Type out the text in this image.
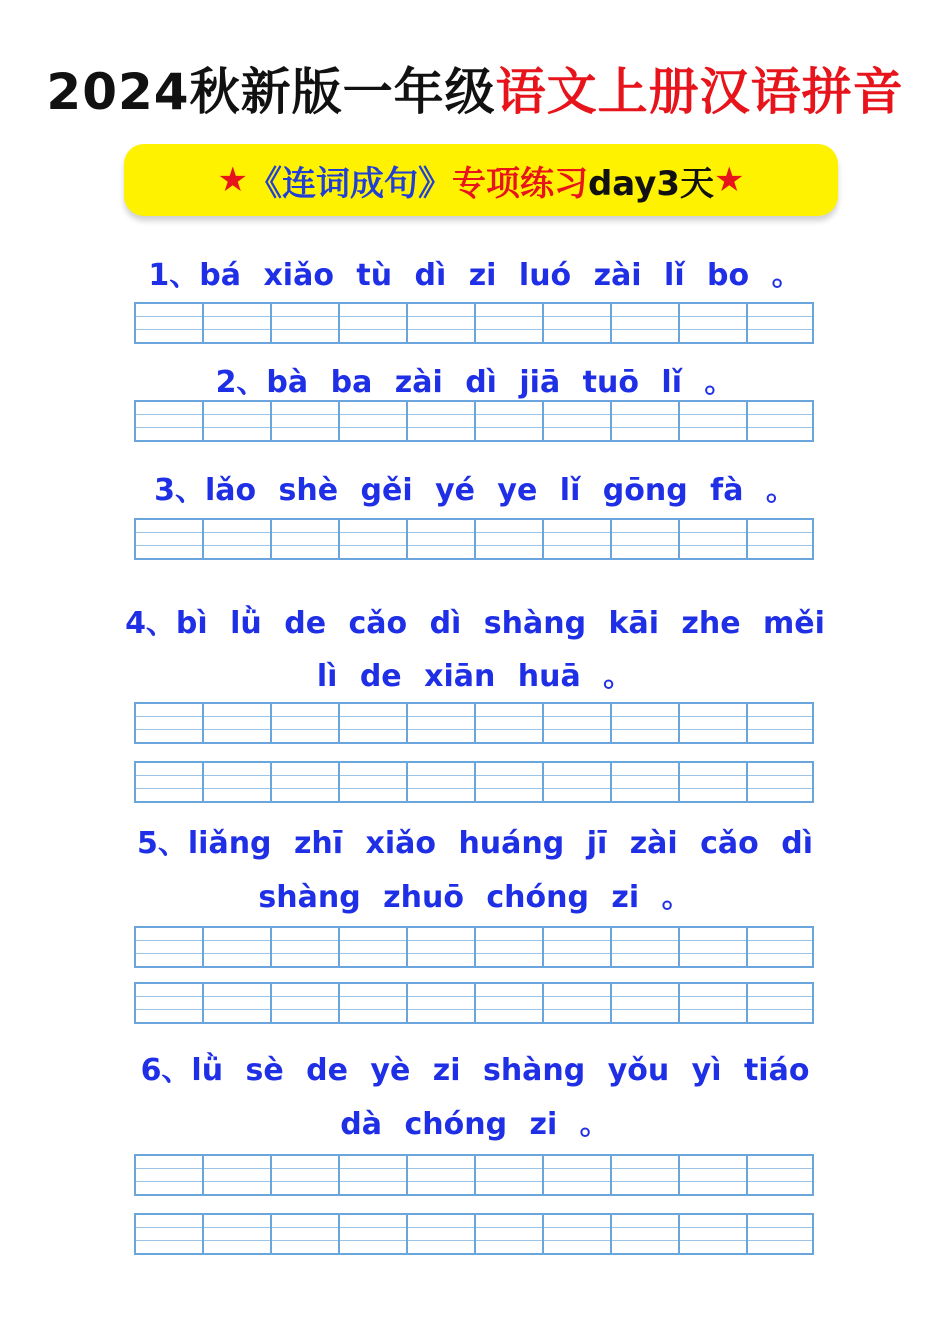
2024秋新版一年级语文上册汉语拼音
★ 《连词成句》 专项练习 day3天 ★
1、bá xiǎo tù dì zi luó zài lǐ bo 。
2、bà ba zài dì jiā tuō lǐ 。
3、lǎo shè gěi yé ye lǐ gōng fà 。
4、bì lǜ de cǎo dì shàng kāi zhe měi
lì de xiān huā 。
5、liǎng zhī xiǎo huáng jī zài cǎo dì
shàng zhuō chóng zi 。
6、lǜ sè de yè zi shàng yǒu yì tiáo
dà chóng zi 。
